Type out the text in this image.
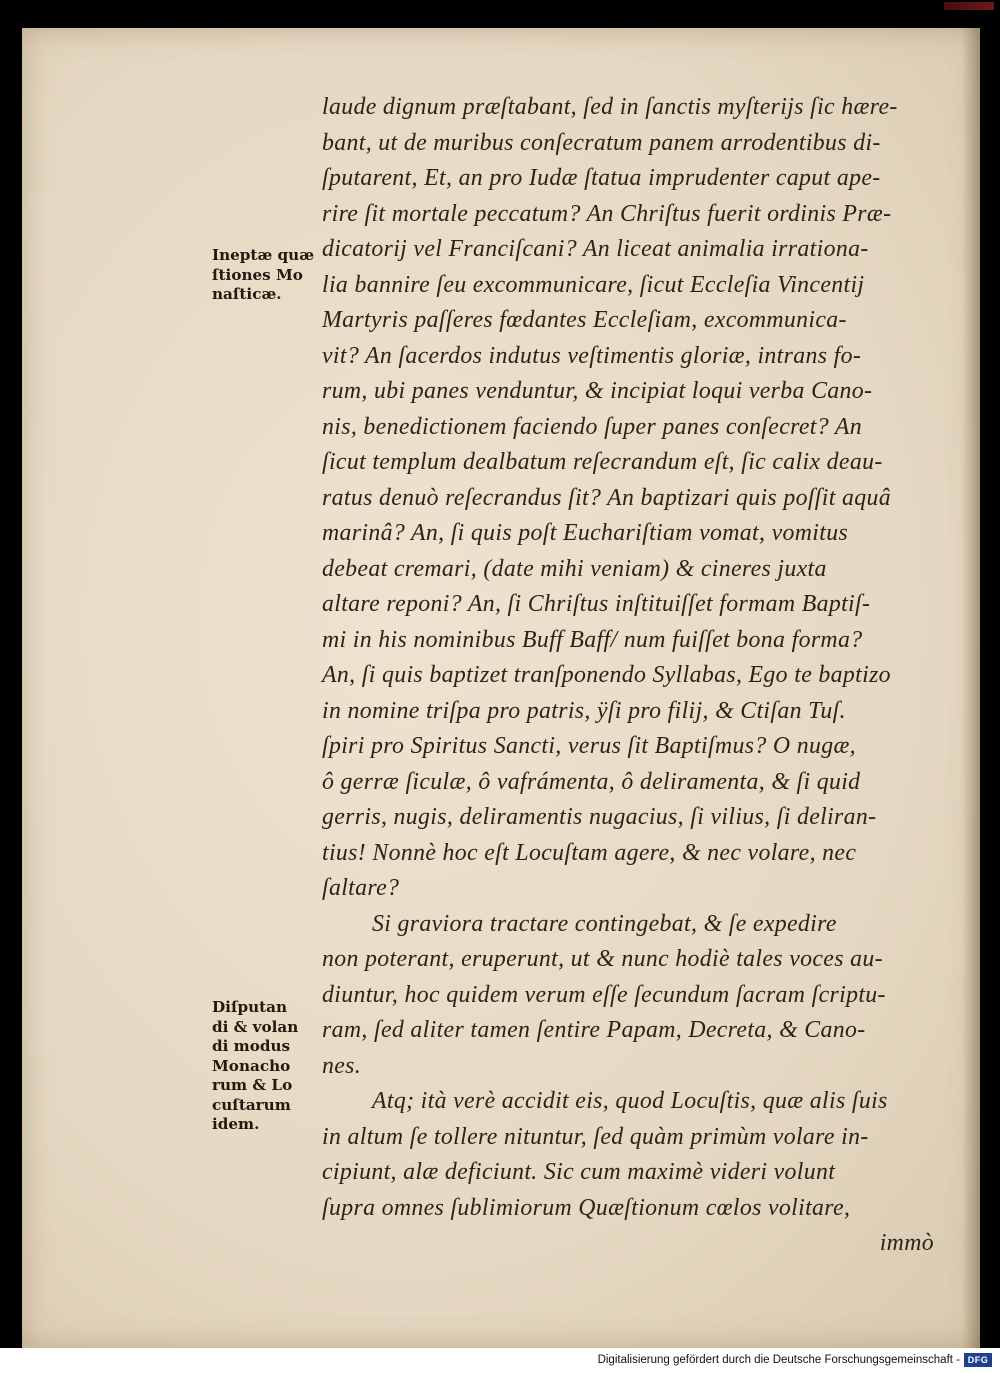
Ineptæ quæ
ſtiones Mo
naſticæ.
Diſputan
di & volan
di modus
Monacho
rum & Lo
cuſtarum
idem.
laude dignum præſtabant, ſed in ſanctis myſterijs ſic hære-
bant, ut de muribus conſecratum panem arrodentibus di-
ſputarent, Et, an pro Iudæ ſtatua imprudenter caput ape-
rire ſit mortale peccatum? An Chriſtus fuerit ordinis Præ-
dicatorij vel Franciſcani? An liceat animalia irrationa-
lia bannire ſeu excommunicare, ſicut Eccleſia Vincentij
Martyris paſſeres fœdantes Eccleſiam, excommunica-
vit? An ſacerdos indutus veſtimentis gloriæ, intrans fo-
rum, ubi panes venduntur, & incipiat loqui verba Cano-
nis, benedictionem faciendo ſuper panes conſecret? An
ſicut templum dealbatum reſecrandum eſt, ſic calix deau-
ratus denuò reſecrandus ſit? An baptizari quis poſſit aquâ
marinâ? An, ſi quis poſt Euchariſtiam vomat, vomitus
debeat cremari, (date mihi veniam) & cineres juxta
altare reponi? An, ſi Chriſtus inſtituiſſet formam Baptiſ-
mi in his nominibus Buff Baff/ num fuiſſet bona forma?
An, ſi quis baptizet tranſponendo Syllabas, Ego te baptizo
in nomine triſpa pro patris, ÿſi pro filij, & Ctiſan Tuſ.
ſpiri pro Spiritus Sancti, verus ſit Baptiſmus? O nugæ,
ô gerræ ſiculæ, ô vafrámenta, ô deliramenta, & ſi quid
gerris, nugis, deliramentis nugacius, ſi vilius, ſi deliran-
tius! Nonnè hoc eſt Locuſtam agere, & nec volare, nec
ſaltare?
Si graviora tractare contingebat, & ſe expedire
non poterant, eruperunt, ut & nunc hodiè tales voces au-
diuntur, hoc quidem verum eſſe ſecundum ſacram ſcriptu-
ram, ſed aliter tamen ſentire Papam, Decreta, & Cano-
nes.
Atq; ità verè accidit eis, quod Locuſtis, quæ alis ſuis
in altum ſe tollere nituntur, ſed quàm primùm volare in-
cipiunt, alæ deficiunt. Sic cum maximè videri volunt
ſupra omnes ſublimiorum Quæſtionum cœlos volitare,
immò
Digitalisierung gefördert durch die Deutsche Forschungsgemeinschaft - DFG
